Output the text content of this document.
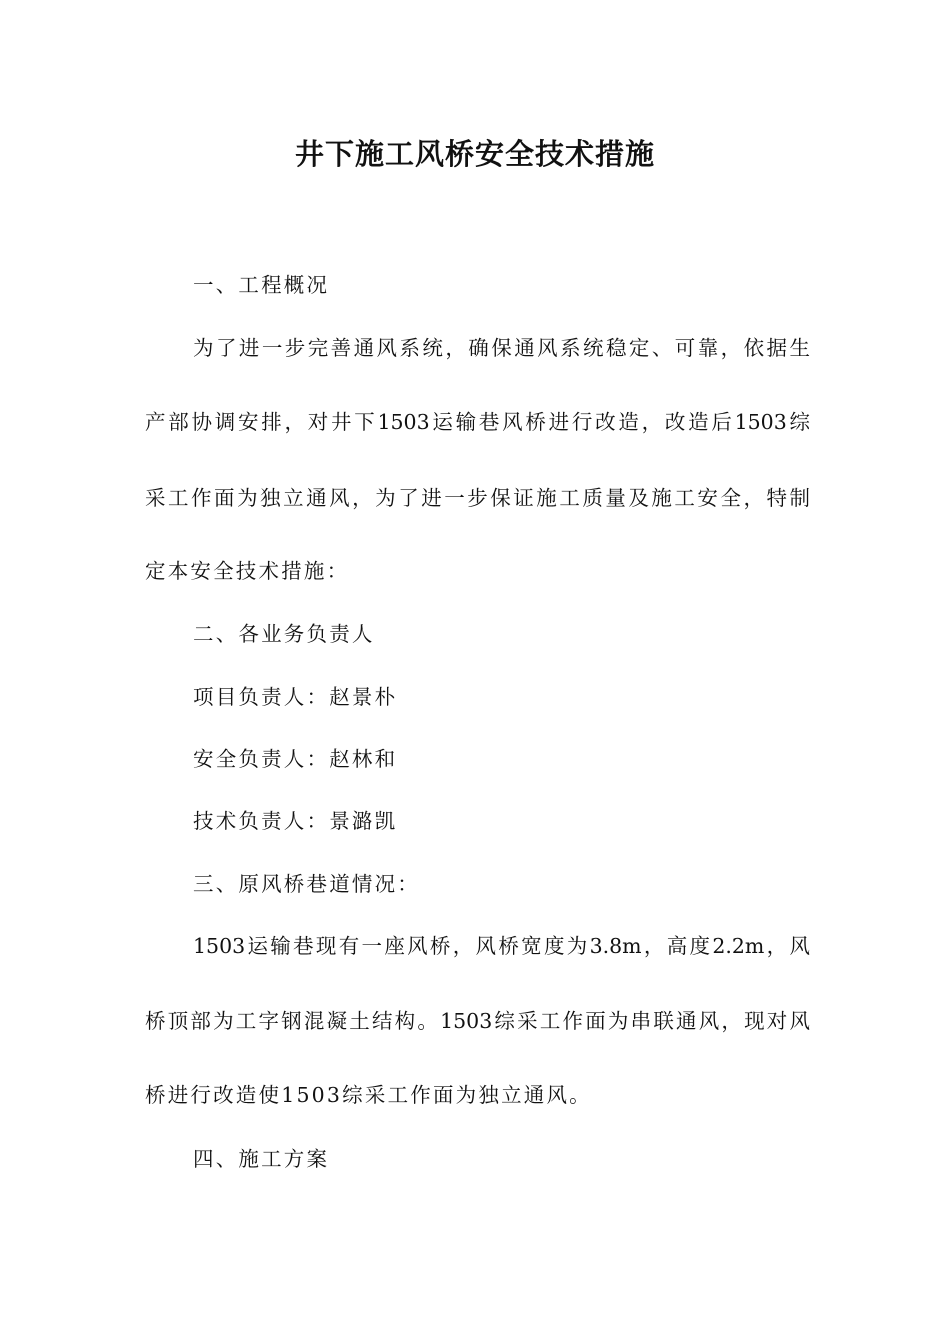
井下施工风桥安全技术措施
一、工程概况
为了进一步完善通风系统，确保通风系统稳定、可靠，依据生
产部协调安排，对井下1503运输巷风桥进行改造，改造后1503综
采工作面为独立通风，为了进一步保证施工质量及施工安全，特制
定本安全技术措施：
二、各业务负责人
项目负责人：赵景朴
安全负责人：赵林和
技术负责人：景潞凯
三、原风桥巷道情况：
1503运输巷现有一座风桥，风桥宽度为3.8m，高度2.2m，风
桥顶部为工字钢混凝土结构。1503综采工作面为串联通风，现对风
桥进行改造使1503综采工作面为独立通风。
四、施工方案
